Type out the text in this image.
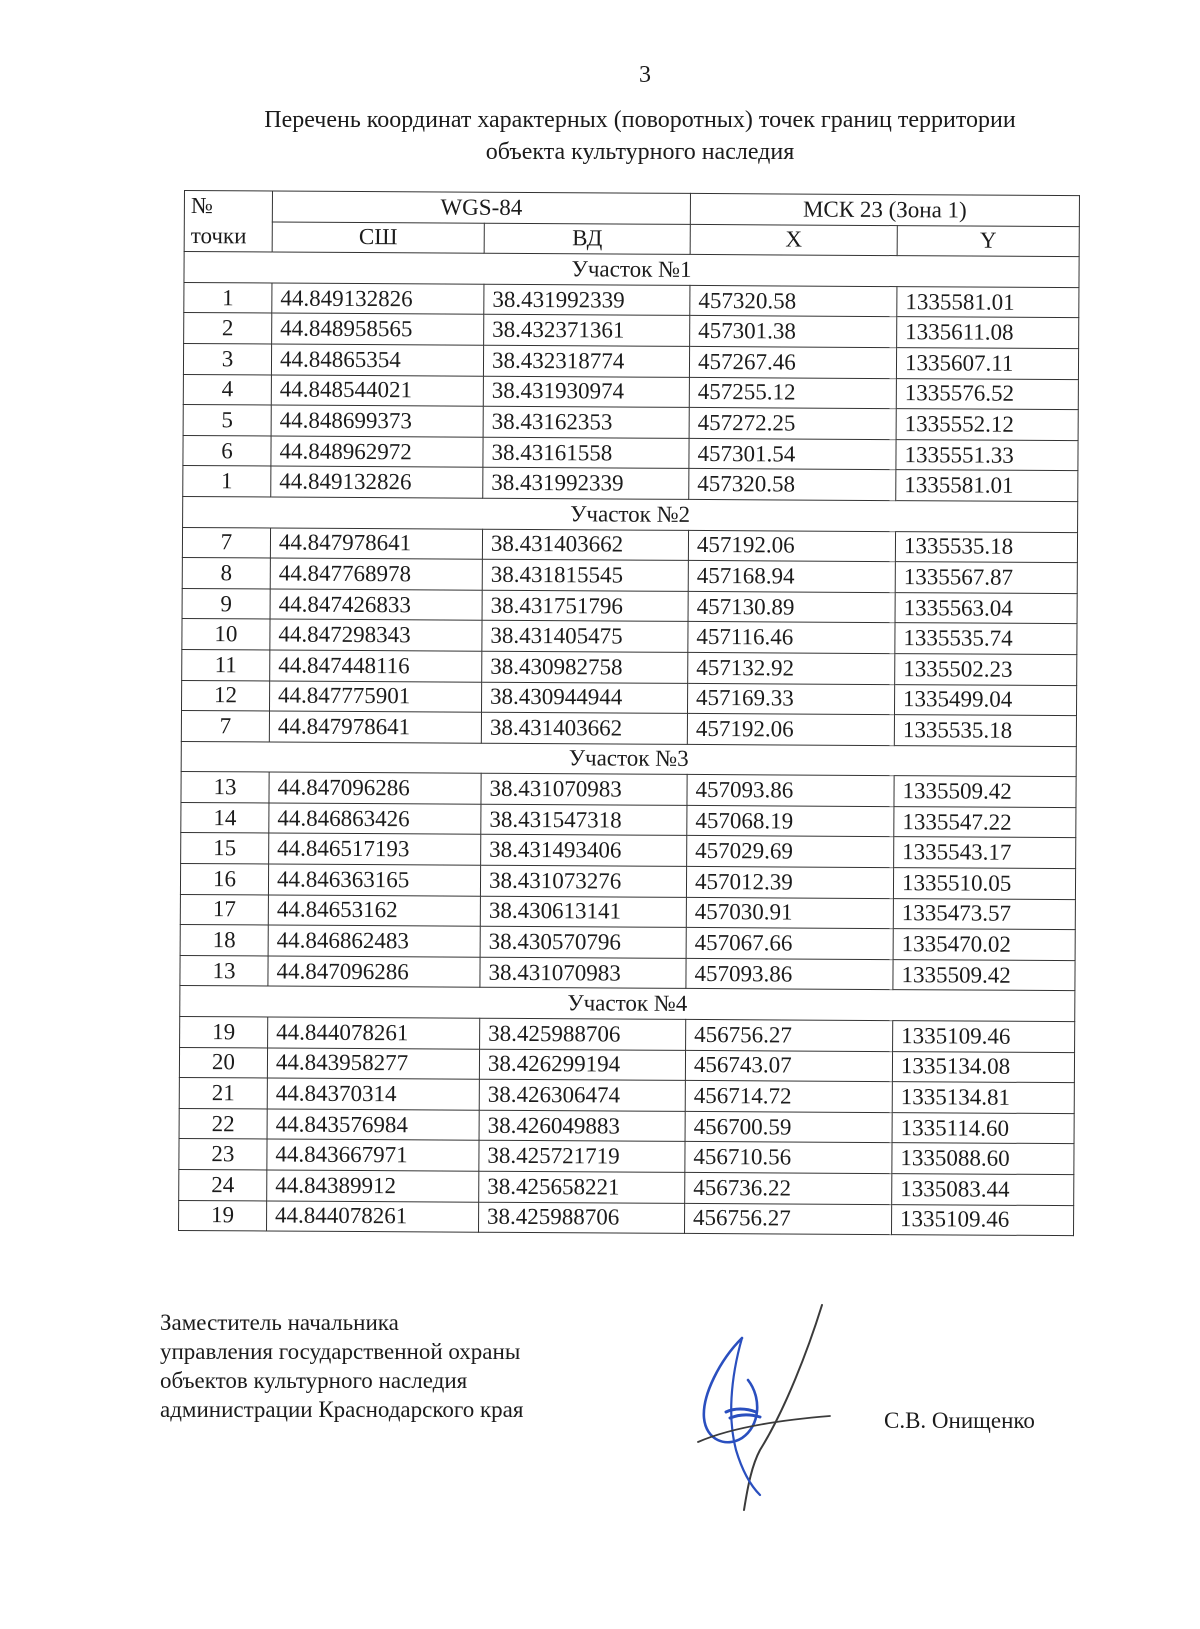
3
Перечень координат характерных (поворотных) точек границ территории
объекта культурного наследия
№
точки	WGS-84		МСК 23 (Зона 1)	
	СШ	ВД	X	Y
Участок №1				
1	44.849132826	38.431992339	457320.58	1335581.01
2	44.848958565	38.432371361	457301.38	1335611.08
3	44.84865354	38.432318774	457267.46	1335607.11
4	44.848544021	38.431930974	457255.12	1335576.52
5	44.848699373	38.43162353	457272.25	1335552.12
6	44.848962972	38.43161558	457301.54	1335551.33
1	44.849132826	38.431992339	457320.58	1335581.01
Участок №2				
7	44.847978641	38.431403662	457192.06	1335535.18
8	44.847768978	38.431815545	457168.94	1335567.87
9	44.847426833	38.431751796	457130.89	1335563.04
10	44.847298343	38.431405475	457116.46	1335535.74
11	44.847448116	38.430982758	457132.92	1335502.23
12	44.847775901	38.430944944	457169.33	1335499.04
7	44.847978641	38.431403662	457192.06	1335535.18
Участок №3				
13	44.847096286	38.431070983	457093.86	1335509.42
14	44.846863426	38.431547318	457068.19	1335547.22
15	44.846517193	38.431493406	457029.69	1335543.17
16	44.846363165	38.431073276	457012.39	1335510.05
17	44.84653162	38.430613141	457030.91	1335473.57
18	44.846862483	38.430570796	457067.66	1335470.02
13	44.847096286	38.431070983	457093.86	1335509.42
Участок №4				
19	44.844078261	38.425988706	456756.27	1335109.46
20	44.843958277	38.426299194	456743.07	1335134.08
21	44.84370314	38.426306474	456714.72	1335134.81
22	44.843576984	38.426049883	456700.59	1335114.60
23	44.843667971	38.425721719	456710.56	1335088.60
24	44.84389912	38.425658221	456736.22	1335083.44
19	44.844078261	38.425988706	456756.27	1335109.46
Заместитель начальника
управления государственной охраны
объектов культурного наследия
администрации Краснодарского края	С.В. Онищенко
